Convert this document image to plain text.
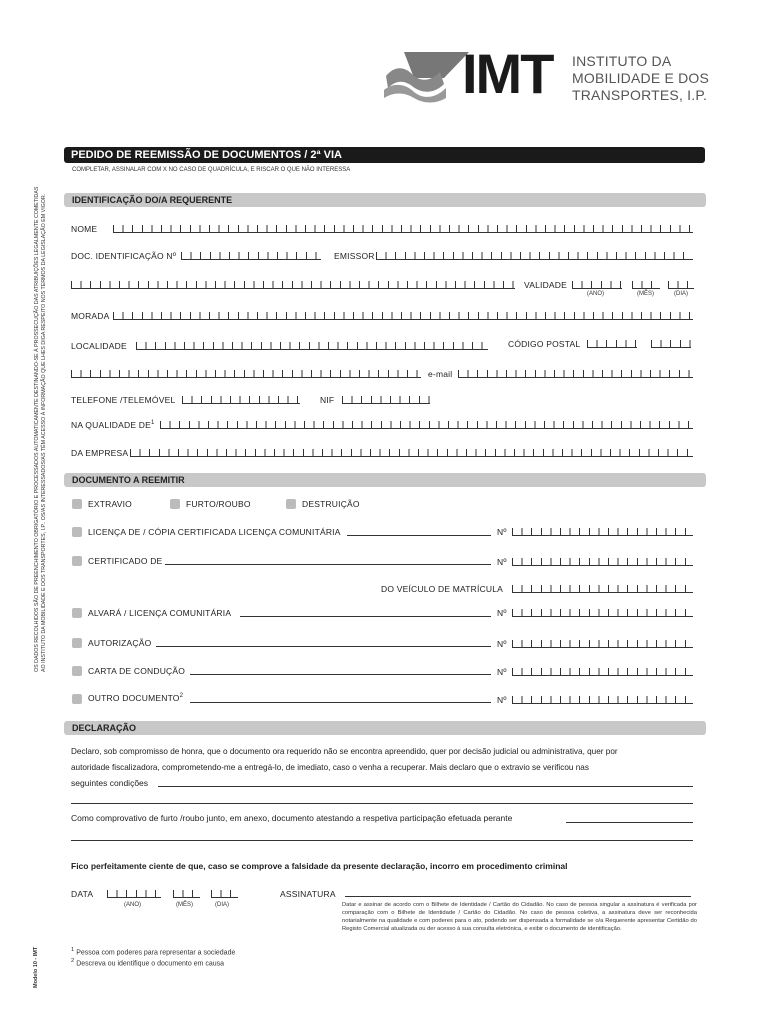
IMT INSTITUTO DA
MOBILIDADE E DOS
TRANSPORTES, I.P.
OS DADOS RECOLHIDOS SÃO DE PREENCHIMENTO OBRIGATÓRIO E PROCESSADOS AUTOMATICAMENTE DESTINANDO-SE À PROSSECUÇÃO DAS ATRIBUIÇÕES LEGALMENTE COMETIDAS AO INSTITUTO DA MOBILIDADE E DOS TRANSPORTES, I.P.. OS/AS INTERESSADOS/AS TÊM ACESSO À INFORMAÇÃO QUE LHES DIGA RESPEITO NOS TERMOS DA LEGISLAÇÃO EM VIGOR.
Modelo 10 - IMT
PEDIDO DE REEMISSÃO DE DOCUMENTOS / 2ª VIA
COMPLETAR, ASSINALAR COM X NO CASO DE QUADRÍCULA, E RISCAR O QUE NÃO INTERESSA
IDENTIFICAÇÃO DO/A REQUERENTE
NOME
DOC. IDENTIFICAÇÃO Nº	EMISSOR
VALIDADE
(ANO)	(MÊS)	(DIA)
MORADA
LOCALIDADE	CÓDIGO POSTAL
e-mail
TELEFONE /TELEMÓVEL	NIF
NA QUALIDADE $DE^1$
DA EMPRESA
DOCUMENTO A REEMITIR
EXTRAVIO	FURTO/ROUBO	DESTRUIÇÃO
LICENÇA DE / CÓPIA CERTIFICADA LICENÇA COMUNITÁRIA	Nº
CERTIFICADO DE	Nº
DO VEÍCULO DE MATRÍCULA
ALVARÁ / LICENÇA COMUNITÁRIA	Nº
AUTORIZAÇÃO	Nº
CARTA DE CONDUÇÃO	Nº
OUTRO DOCUMENTO$^2$	Nº
DECLARAÇÃO
Declaro, sob compromisso de honra, que o documento ora requerido não se encontra apreendido, quer por decisão judicial ou administrativa, quer por
autoridade fiscalizadora, comprometendo-me a entregá-lo, de imediato, caso o venha a recuperar. Mais declaro que o extravio se verificou nas
seguintes condições
Como comprovativo de furto /roubo junto, em anexo, documento atestando a respetiva participação efetuada perante
Fico perfeitamente ciente de que, caso se comprove a falsidade da presente declaração, incorro em procedimento criminal
DATA
(ANO)	(MÊS)	(DIA)
ASSINATURA
Datar e assinar de acordo com o Bilhete de Identidade / Cartão do Cidadão. No caso de pessoa singular a assinatura é verificada por comparação com o Bilhete de Identidade / Cartão do Cidadão. No caso de pessoa coletiva, a assinatura deve ser reconhecida notarialmente na qualidade e com poderes para o ato, podendo ser dispensada a formalidade se o/a Requerente apresentar Certidão do Registo Comercial atualizada ou der acesso à sua consulta eletrónica, e exibir o documento de identificação.
$^1$ Pessoa com poderes para representar a sociedade
$^2$ Descreva ou identifique o documento em causa
